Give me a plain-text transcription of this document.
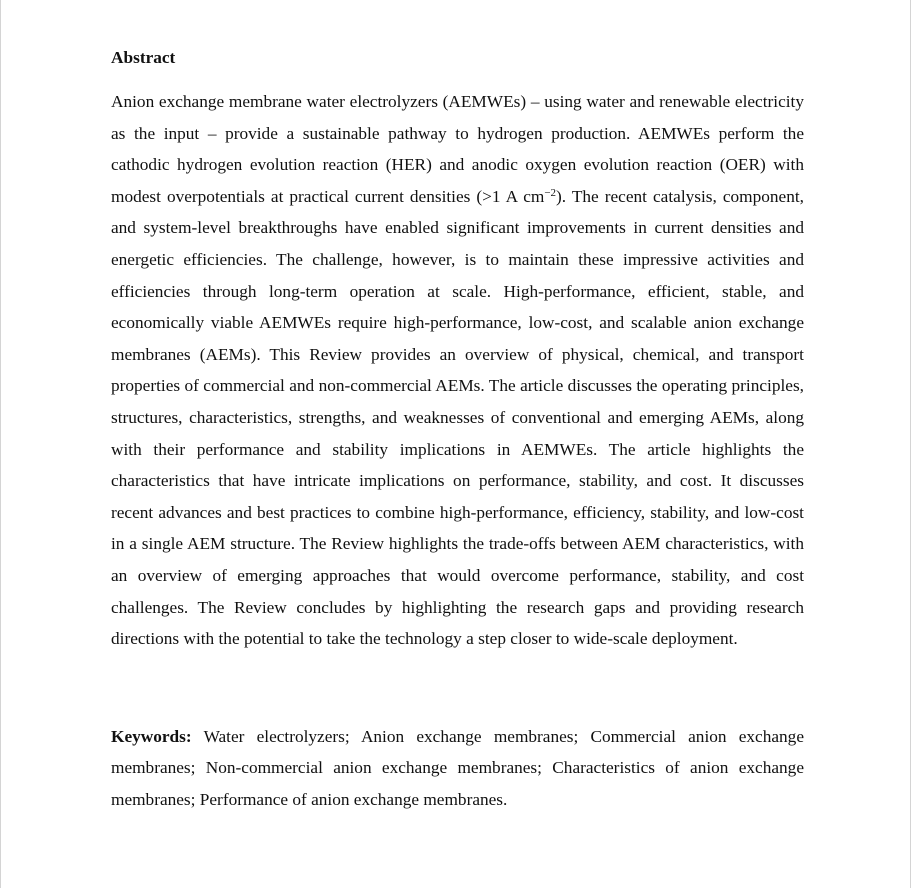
Abstract

Anion exchange membrane water electrolyzers (AEMWEs) – using water and renewable electricity as the input – provide a sustainable pathway to hydrogen production. AEMWEs perform the cathodic hydrogen evolution reaction (HER) and anodic oxygen evolution reaction (OER) with modest overpotentials at practical current densities (>1 A $cm^{-2}$). The recent catalysis, component, and system-level breakthroughs have enabled significant improvements in current densities and energetic efficiencies. The challenge, however, is to maintain these impressive activities and efficiencies through long-term operation at scale. High-performance, efficient, stable, and economically viable AEMWEs require high-performance, low-cost, and scalable anion exchange membranes (AEMs). This Review provides an overview of physical, chemical, and transport properties of commercial and non-commercial AEMs. The article discusses the operating principles, structures, characteristics, strengths, and weaknesses of conventional and emerging AEMs, along with their performance and stability implications in AEMWEs. The article highlights the characteristics that have intricate implications on performance, stability, and cost. It discusses recent advances and best practices to combine high-performance, efficiency, stability, and low-cost in a single AEM structure. The Review highlights the trade-offs between AEM characteristics, with an overview of emerging approaches that would overcome performance, stability, and cost challenges. The Review concludes by highlighting the research gaps and providing research directions with the potential to take the technology a step closer to wide-scale deployment.

Keywords: Water electrolyzers; Anion exchange membranes; Commercial anion exchange membranes; Non-commercial anion exchange membranes; Characteristics of anion exchange membranes; Performance of anion exchange membranes.
